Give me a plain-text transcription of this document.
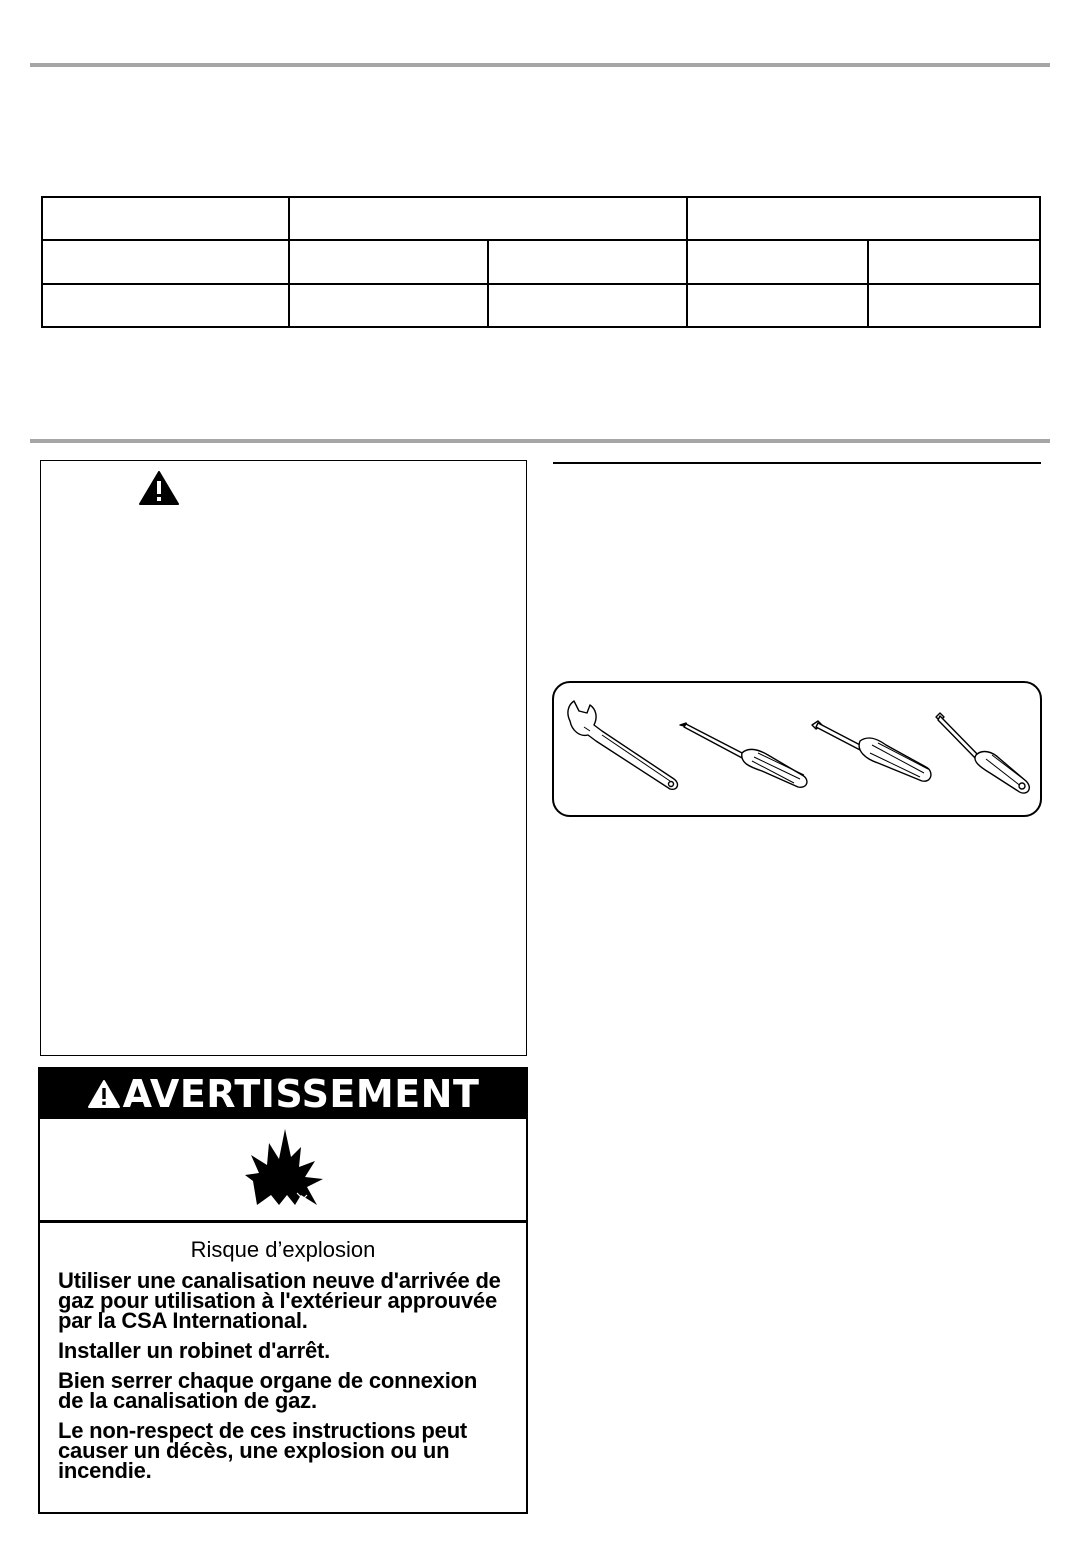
AVERTISSEMENT

Risque d’explosion

Utiliser une canalisation neuve d'arrivée de gaz pour utilisation à l'extérieur approuvée par la CSA International.

Installer un robinet d'arrêt.

Bien serrer chaque organe de connexion de la canalisation de gaz.

Le non-respect de ces instructions peut causer un décès, une explosion ou un incendie.
